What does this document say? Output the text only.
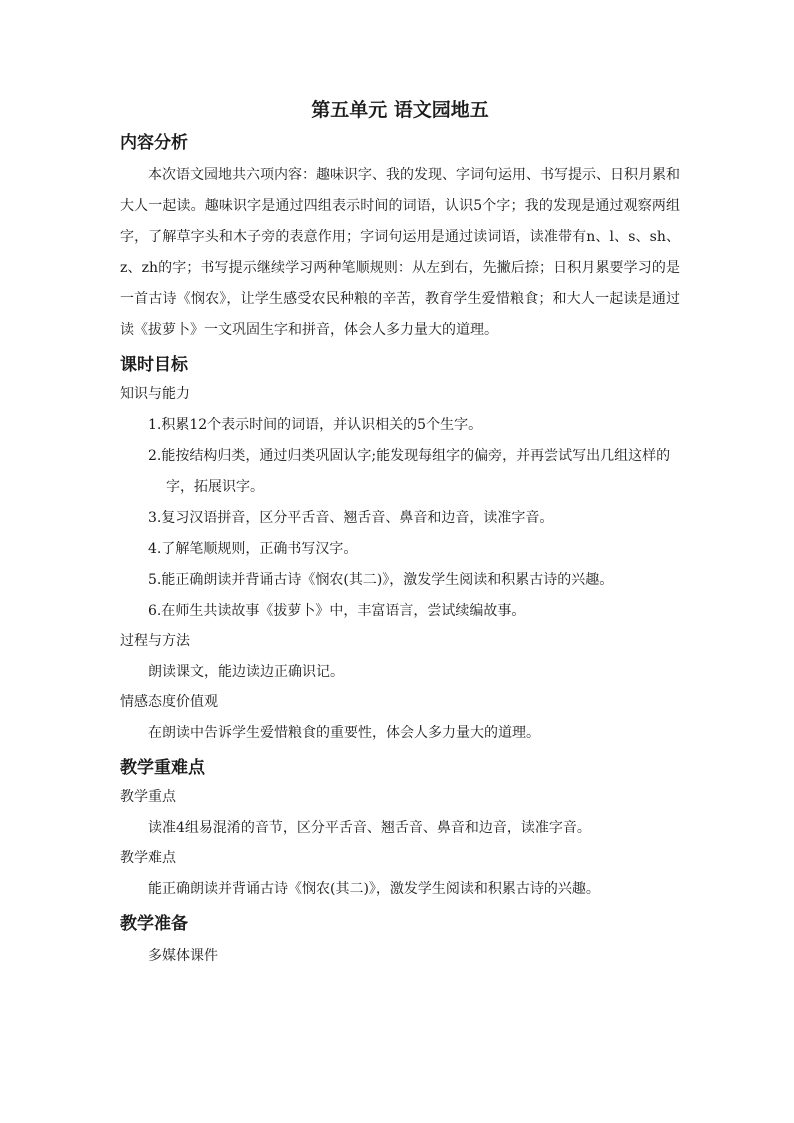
第五单元 语文园地五
内容分析

本次语文园地共六项内容：趣味识字、我的发现、字词句运用、书写提示、日积月累和大人一起读。趣味识字是通过四组表示时间的词语，认识5个字；我的发现是通过观察两组字，了解草字头和木子旁的表意作用；字词句运用是通过读词语，读准带有n、l、s、sh、z、zh的字；书写提示继续学习两种笔顺规则：从左到右，先撇后捺；日积月累要学习的是一首古诗《悯农》，让学生感受农民种粮的辛苦，教育学生爱惜粮食；和大人一起读是通过读《拔萝卜》一文巩固生字和拼音，体会人多力量大的道理。

课时目标
知识与能力
1.积累12个表示时间的词语，并认识相关的5个生字。
2.能按结构归类，通过归类巩固认字;能发现每组字的偏旁，并再尝试写出几组这样的字，拓展识字。
3.复习汉语拼音，区分平舌音、翘舌音、鼻音和边音，读准字音。
4.了解笔顺规则，正确书写汉字。
5.能正确朗读并背诵古诗《悯农(其二)》，激发学生阅读和积累古诗的兴趣。
6.在师生共读故事《拔萝卜》中，丰富语言，尝试续编故事。
过程与方法

朗读课文，能边读边正确识记。

情感态度价值观

在朗读中告诉学生爱惜粮食的重要性，体会人多力量大的道理。

教学重难点
教学重点

读准4组易混淆的音节，区分平舌音、翘舌音、鼻音和边音，读准字音。

教学难点

能正确朗读并背诵古诗《悯农(其二)》，激发学生阅读和积累古诗的兴趣。

教学准备

多媒体课件
